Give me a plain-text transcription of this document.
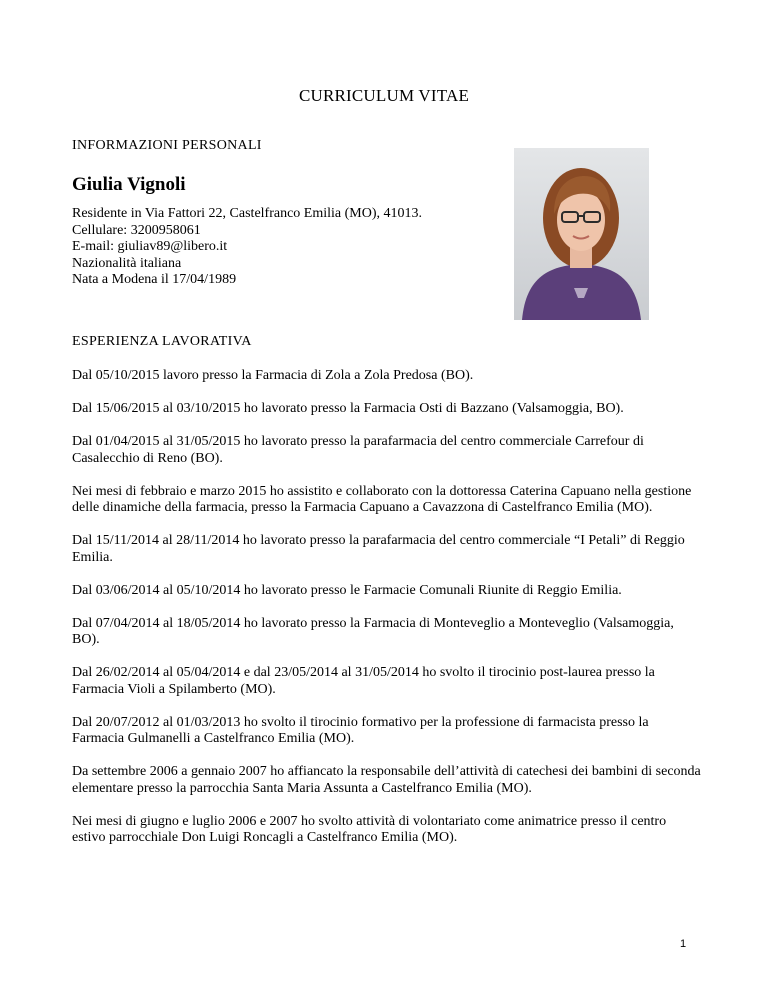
CURRICULUM VITAE
INFORMAZIONI PERSONALI
Giulia Vignoli
Residente in Via Fattori 22, Castelfranco Emilia (MO), 41013.
Cellulare: 3200958061
E-mail: giuliav89@libero.it
Nazionalità italiana
Nata a Modena il 17/04/1989
ESPERIENZA LAVORATIVA

Dal 05/10/2015 lavoro presso la Farmacia di Zola a Zola Predosa (BO).

Dal 15/06/2015 al 03/10/2015 ho lavorato presso la Farmacia Osti di Bazzano (Valsamoggia, BO).

Dal 01/04/2015 al 31/05/2015 ho lavorato presso la parafarmacia del centro commerciale Carrefour di Casalecchio di Reno (BO).

Nei mesi di febbraio e marzo 2015 ho assistito e collaborato con la dottoressa Caterina Capuano nella gestione delle dinamiche della farmacia, presso la Farmacia Capuano a Cavazzona di Castelfranco Emilia (MO).

Dal 15/11/2014 al 28/11/2014 ho lavorato presso la parafarmacia del centro commerciale “I Petali” di Reggio Emilia.

Dal 03/06/2014 al 05/10/2014 ho lavorato presso le Farmacie Comunali Riunite di Reggio Emilia.

Dal 07/04/2014 al 18/05/2014 ho lavorato presso la Farmacia di Monteveglio a Monteveglio (Valsamoggia, BO).

Dal 26/02/2014 al 05/04/2014 e dal 23/05/2014 al 31/05/2014 ho svolto il tirocinio post-laurea presso la Farmacia Violi a Spilamberto (MO).

Dal 20/07/2012 al 01/03/2013 ho svolto il tirocinio formativo per la professione di farmacista presso la Farmacia Gulmanelli a Castelfranco Emilia (MO).

Da settembre 2006 a gennaio 2007 ho affiancato la responsabile dell’attività di catechesi dei bambini di seconda elementare presso la parrocchia Santa Maria Assunta a Castelfranco Emilia (MO).

Nei mesi di giugno e luglio 2006 e 2007 ho svolto attività di volontariato come animatrice presso il centro estivo parrocchiale Don Luigi Roncagli a Castelfranco Emilia (MO).

1
